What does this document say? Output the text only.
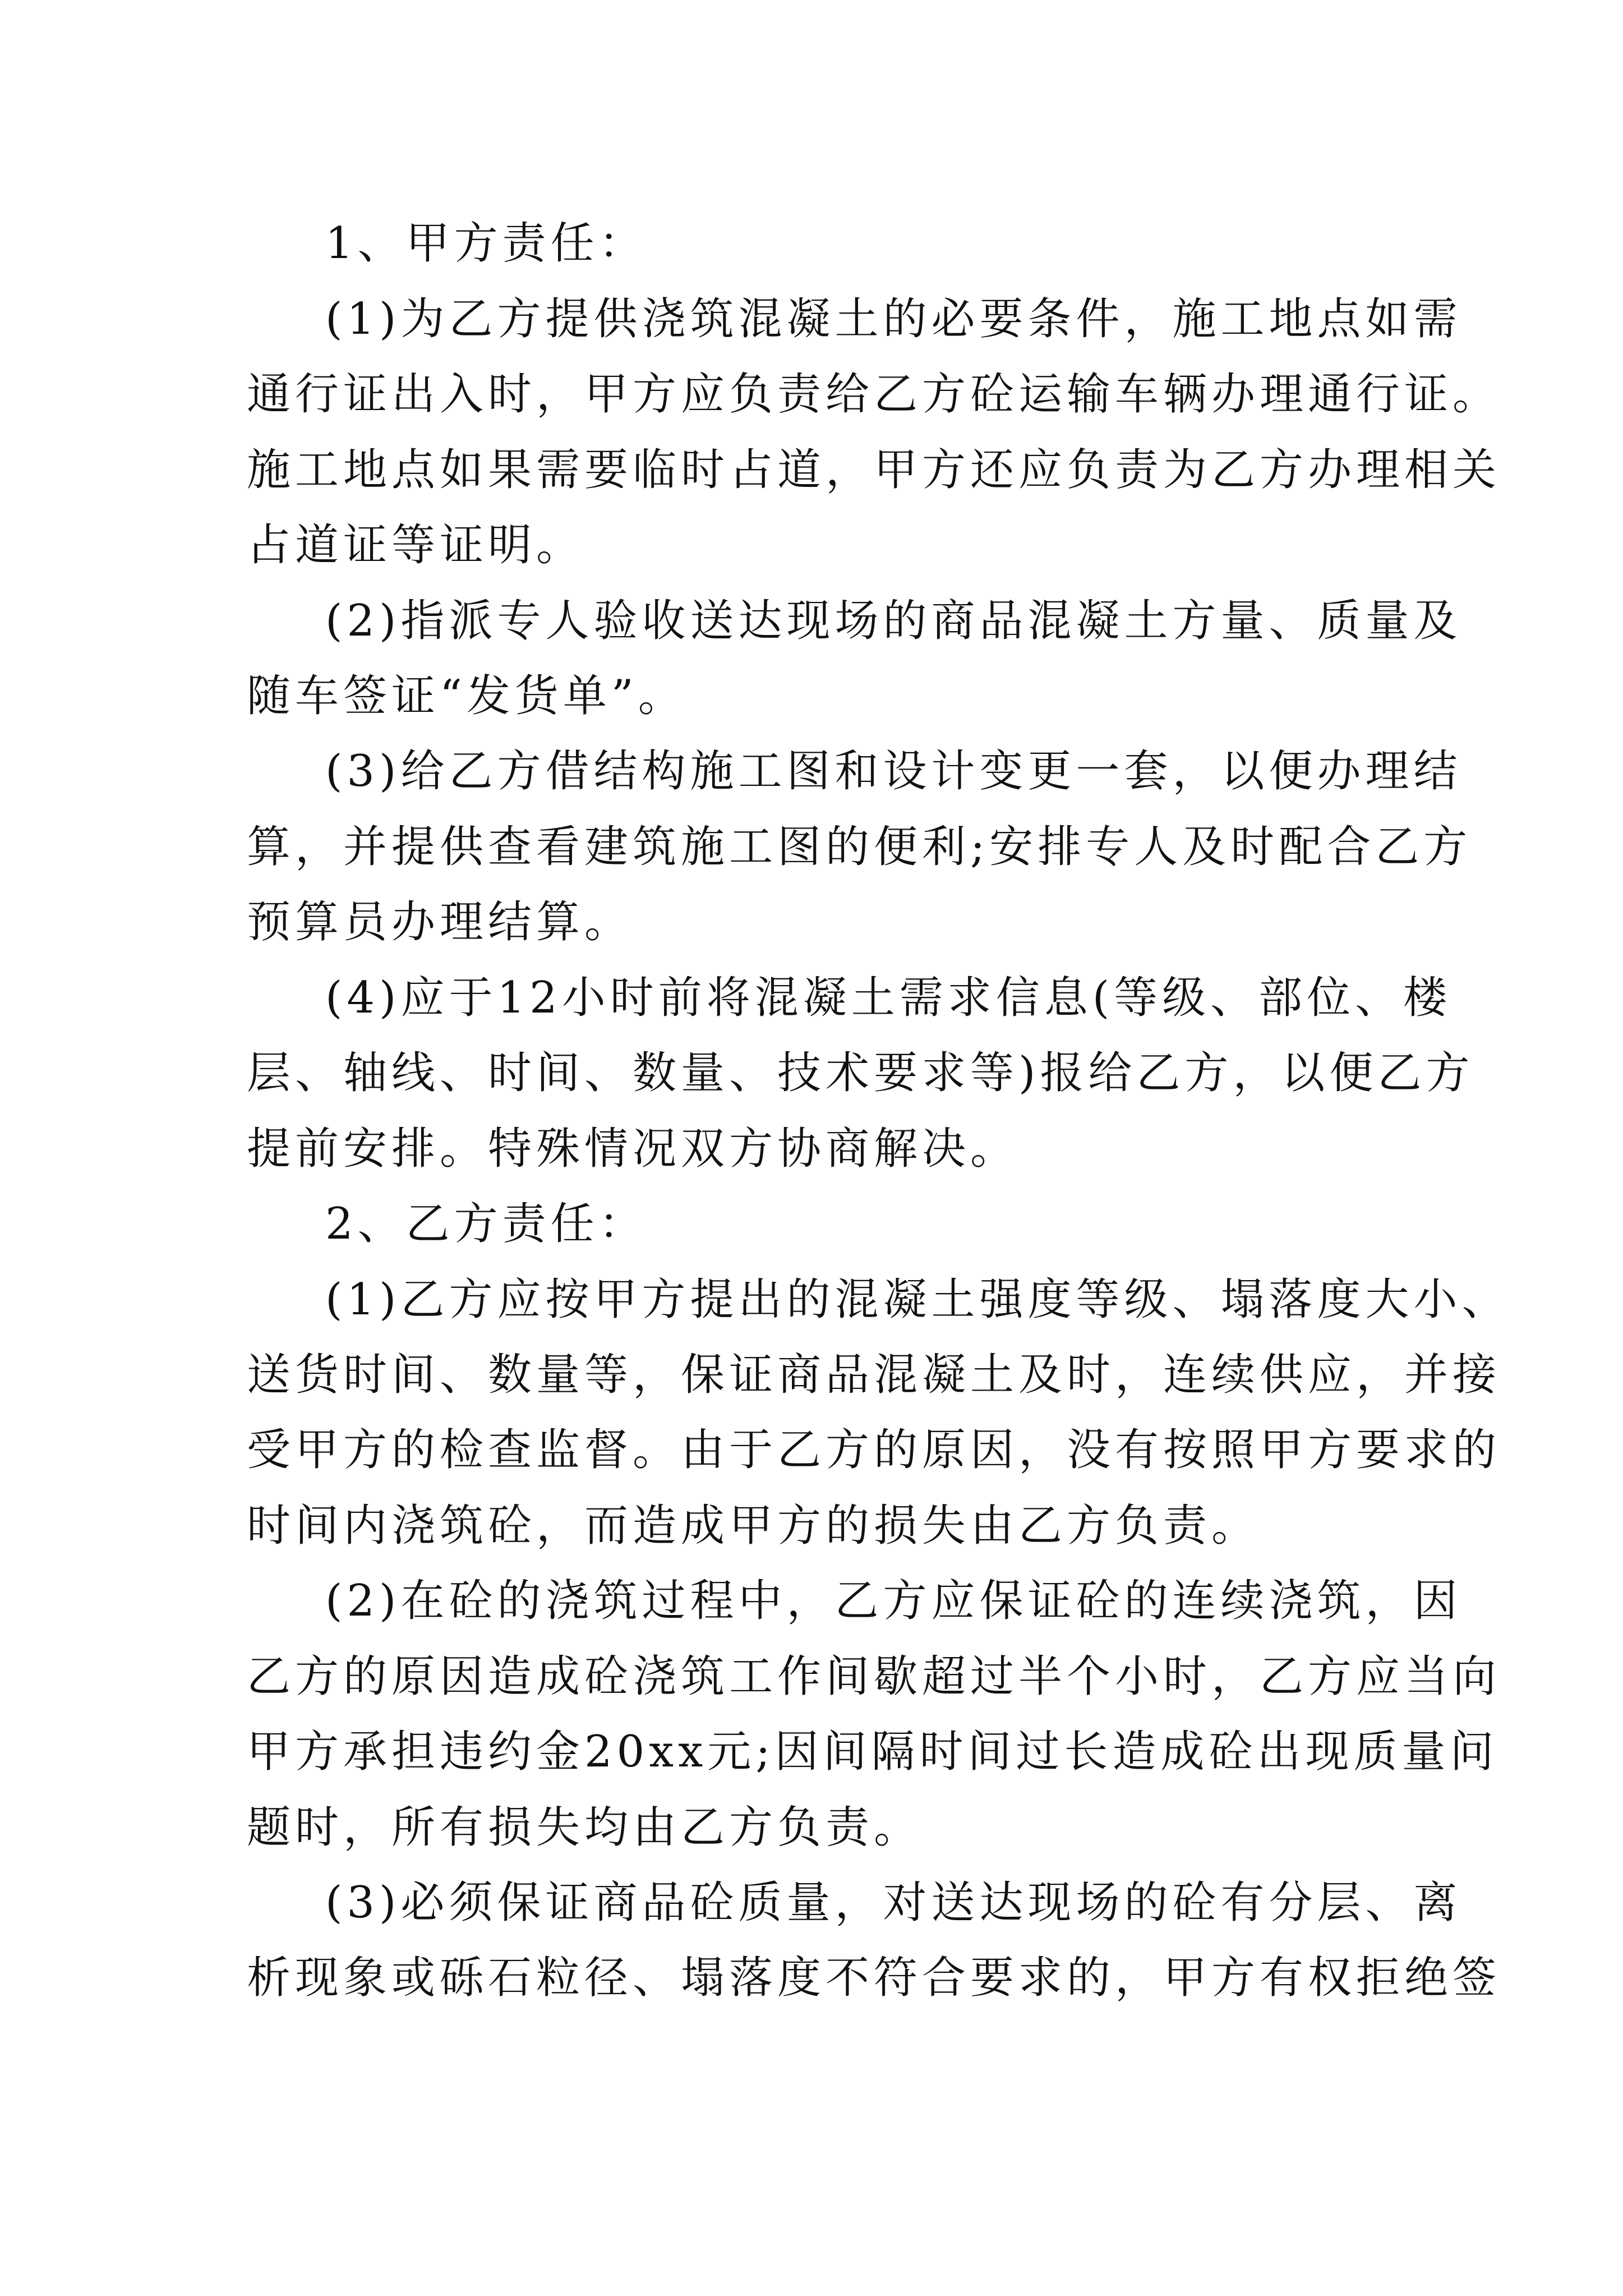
1、甲方责任：

(1)为乙方提供浇筑混凝土的必要条件，施工地点如需

通行证出入时，甲方应负责给乙方砼运输车辆办理通行证。

施工地点如果需要临时占道，甲方还应负责为乙方办理相关

占道证等证明。

(2)指派专人验收送达现场的商品混凝土方量、质量及

随车签证“发货单”。

(3)给乙方借结构施工图和设计变更一套，以便办理结

算，并提供查看建筑施工图的便利;安排专人及时配合乙方

预算员办理结算。

(4)应于12小时前将混凝土需求信息(等级、部位、楼

层、轴线、时间、数量、技术要求等)报给乙方，以便乙方

提前安排。特殊情况双方协商解决。

2、乙方责任：

(1)乙方应按甲方提出的混凝土强度等级、塌落度大小、

送货时间、数量等，保证商品混凝土及时，连续供应，并接

受甲方的检查监督。由于乙方的原因，没有按照甲方要求的

时间内浇筑砼，而造成甲方的损失由乙方负责。

(2)在砼的浇筑过程中，乙方应保证砼的连续浇筑，因

乙方的原因造成砼浇筑工作间歇超过半个小时，乙方应当向

甲方承担违约金20xx元;因间隔时间过长造成砼出现质量问

题时，所有损失均由乙方负责。

(3)必须保证商品砼质量，对送达现场的砼有分层、离

析现象或砾石粒径、塌落度不符合要求的，甲方有权拒绝签
